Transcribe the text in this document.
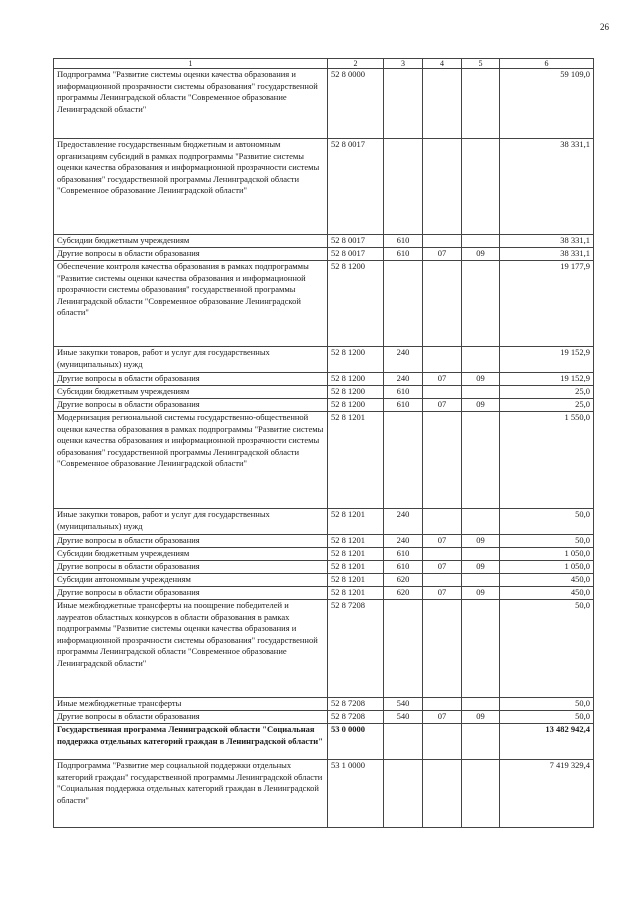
26
1	2	3	4	5	6
Подпрограмма "Развитие системы оценки качества образования и информационной прозрачности системы образования" государственной программы Ленинградской области "Современное образование Ленинградской области"	52 8 0000				59 109,0
Предоставление государственным бюджетным и автономным организациям субсидий в рамках подпрограммы "Развитие системы оценки качества образования и информационной прозрачности системы образования" государственной программы Ленинградской области "Современное образование Ленинградской области"	52 8 0017				38 331,1
Субсидии бюджетным учреждениям	52 8 0017	610			38 331,1
Другие вопросы в области образования	52 8 0017	610	07	09	38 331,1
Обеспечение контроля качества образования в рамках подпрограммы "Развитие системы оценки качества образования и информационной прозрачности системы образования" государственной программы Ленинградской области "Современное образование Ленинградской области"	52 8 1200				19 177,9
Иные закупки товаров, работ и услуг для государственных (муниципальных) нужд	52 8 1200	240			19 152,9
Другие вопросы в области образования	52 8 1200	240	07	09	19 152,9
Субсидии бюджетным учреждениям	52 8 1200	610			25,0
Другие вопросы в области образования	52 8 1200	610	07	09	25,0
Модернизация региональной системы государственно-общественной оценки качества образования в рамках подпрограммы "Развитие системы оценки качества образования и информационной прозрачности системы образования" государственной программы Ленинградской области "Современное образование Ленинградской области"	52 8 1201				1 550,0
Иные закупки товаров, работ и услуг для государственных (муниципальных) нужд	52 8 1201	240			50,0
Другие вопросы в области образования	52 8 1201	240	07	09	50,0
Субсидии бюджетным учреждениям	52 8 1201	610			1 050,0
Другие вопросы в области образования	52 8 1201	610	07	09	1 050,0
Субсидии автономным учреждениям	52 8 1201	620			450,0
Другие вопросы в области образования	52 8 1201	620	07	09	450,0
Иные межбюджетные трансферты на поощрение победителей и лауреатов областных конкурсов в области образования в рамках подпрограммы "Развитие системы оценки качества образования и информационной прозрачности системы образования" государственной программы Ленинградской области "Современное образование Ленинградской области"	52 8 7208				50,0
Иные межбюджетные трансферты	52 8 7208	540			50,0
Другие вопросы в области образования	52 8 7208	540	07	09	50,0
Государственная программа Ленинградской области "Социальная поддержка отдельных категорий граждан в Ленинградской области"	53 0 0000				13 482 942,4
Подпрограмма "Развитие мер социальной поддержки отдельных категорий граждан" государственной программы Ленинградской области "Социальная поддержка отдельных категорий граждан в Ленинградской области"	53 1 0000				7 419 329,4
